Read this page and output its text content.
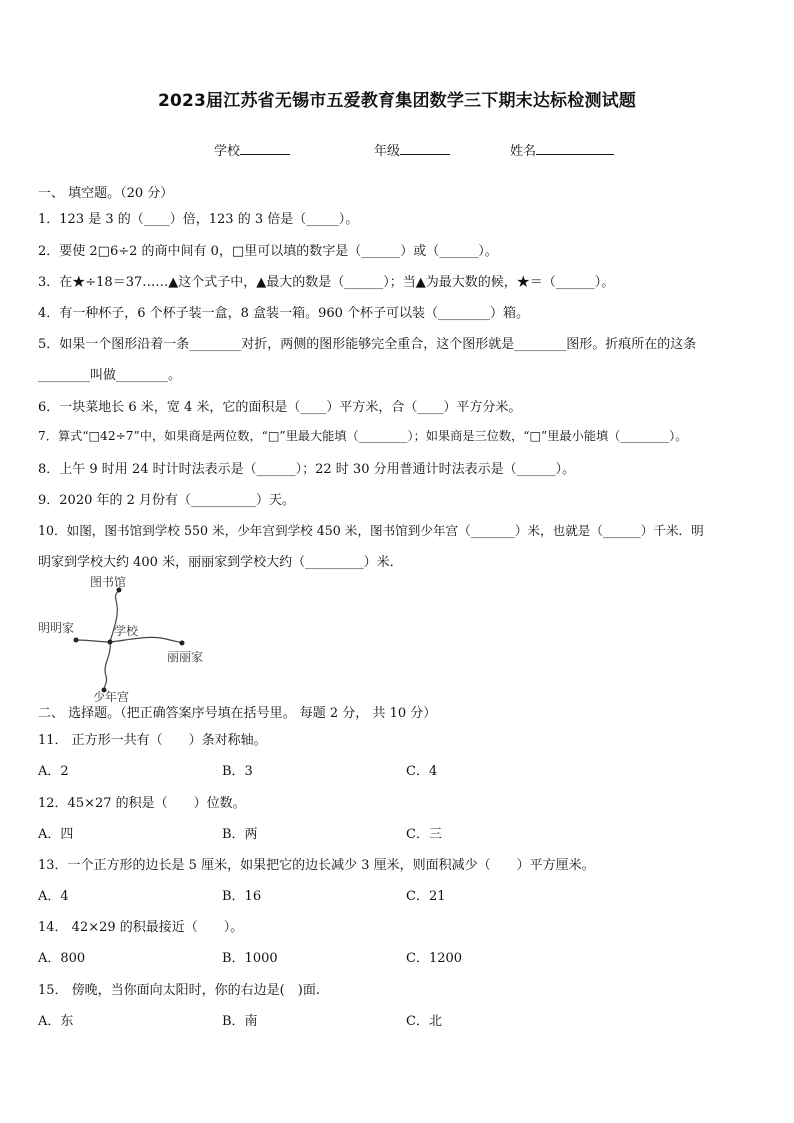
2023届江苏省无锡市五爱教育集团数学三下期末达标检测试题
学校	年级	姓名
一、 填空题。（20 分）
1．123 是 3 的（____）倍，123 的 3 倍是（_____）。
2．要使 2□6÷2 的商中间有 0，□里可以填的数字是（______）或（______）。
3．在★÷18＝37……▲这个式子中，▲最大的数是（______）；当▲为最大数的候，★＝（______）。
4．有一种杯子，6 个杯子装一盒，8 盒装一箱。960 个杯子可以装（________）箱。
5．如果一个图形沿着一条________对折，两侧的图形能够完全重合，这个图形就是________图形。折痕所在的这条
________叫做________。
6．一块菜地长 6 米，宽 4 米，它的面积是（____）平方米，合（____）平方分米。
7．算式“□42÷7”中，如果商是两位数，“□”里最大能填（________）；如果商是三位数，“□”里最小能填（________）。
8．上午 9 时用 24 时计时法表示是（______）；22 时 30 分用普通计时法表示是（______）。
9．2020 年的 2 月份有（__________）天。
10．如图，图书馆到学校 550 米，少年宫到学校 450 米，图书馆到少年宫（_______）米，也就是（______）千米．明
明家到学校大约 400 米，丽丽家到学校大约（_________）米．
图书馆
学校
明明家
丽丽家
少年宫
二、 选择题。（把正确答案序号填在括号里。 每题 2 分， 共 10 分）
11． 正方形一共有（　　）条对称轴。
A．2	B．3	C．4
12．45×27 的积是（　　）位数。
A．四	B．两	C．三
13．一个正方形的边长是 5 厘米，如果把它的边长减少 3 厘米，则面积减少（　　）平方厘米。
A．4	B．16	C．21
14． 42×29 的积最接近（　　）。
A．800	B．1000	C．1200
15． 傍晚，当你面向太阳时，你的右边是(　)面.
A．东	B．南	C．北
